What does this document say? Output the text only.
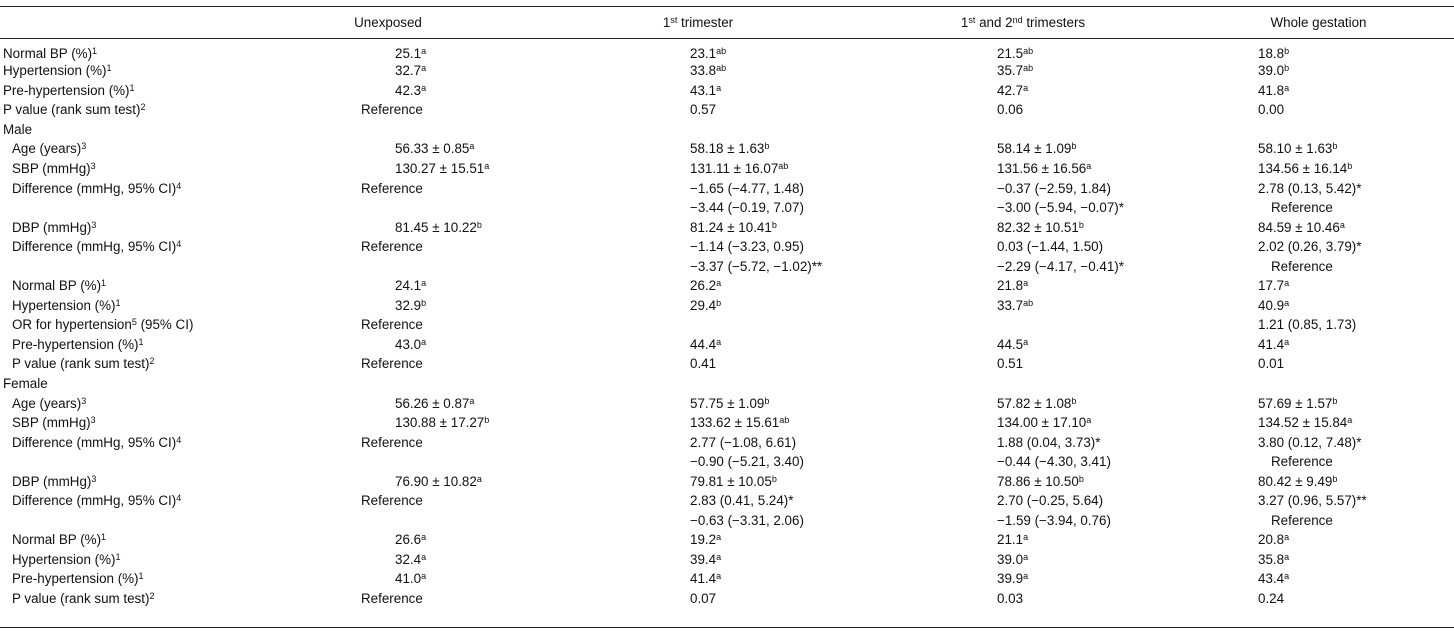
	Unexposed	1st trimester	1st and 2nd trimesters	Whole gestation
Normal BP (%)$^1$	25.1$^a$	23.1$^{ab}$	21.5$^{ab}$	18.8$^b$
Hypertension (%)$^1$	32.7$^a$	33.8$^{ab}$	35.7$^{ab}$	39.0$^b$
Pre-hypertension (%)$^1$	42.3$^a$	43.1$^a$	42.7$^a$	41.8$^a$
P value (rank sum test)$^2$	Reference	0.57	0.06	0.00
Male				
Age (years)$^3$	56.33 ± 0.85$^a$	58.18 ± 1.63$^b$	58.14 ± 1.09$^b$	58.10 ± 1.63$^b$
SBP (mmHg)$^3$	130.27 ± 15.51$^a$	131.11 ± 16.07$^{ab}$	131.56 ± 16.56$^a$	134.56 ± 16.14$^b$
Difference (mmHg, 95% CI)$^4$	Reference	−1.65 (−4.77, 1.48)	−0.37 (−2.59, 1.84)	2.78 (0.13, 5.42)*
		−3.44 (−0.19, 7.07)	−3.00 (−5.94, −0.07)*	Reference
DBP (mmHg)$^3$	81.45 ± 10.22$^b$	81.24 ± 10.41$^b$	82.32 ± 10.51$^b$	84.59 ± 10.46$^a$
Difference (mmHg, 95% CI)$^4$	Reference	−1.14 (−3.23, 0.95)	0.03 (−1.44, 1.50)	2.02 (0.26, 3.79)*
		−3.37 (−5.72, −1.02)**	−2.29 (−4.17, −0.41)*	Reference
Normal BP (%)$^1$	24.1$^a$	26.2$^a$	21.8$^a$	17.7$^a$
Hypertension (%)$^1$	32.9$^b$	29.4$^b$	33.7$^{ab}$	40.9$^a$
OR for hypertension$^5$ (95% CI)	Reference			1.21 (0.85, 1.73)
Pre-hypertension (%)$^1$	43.0$^a$	44.4$^a$	44.5$^a$	41.4$^a$
P value (rank sum test)$^2$	Reference	0.41	0.51	0.01
Female				
Age (years)$^3$	56.26 ± 0.87$^a$	57.75 ± 1.09$^b$	57.82 ± 1.08$^b$	57.69 ± 1.57$^b$
SBP (mmHg)$^3$	130.88 ± 17.27$^b$	133.62 ± 15.61$^{ab}$	134.00 ± 17.10$^a$	134.52 ± 15.84$^a$
Difference (mmHg, 95% CI)$^4$	Reference	2.77 (−1.08, 6.61)	1.88 (0.04, 3.73)*	3.80 (0.12, 7.48)*
		−0.90 (−5.21, 3.40)	−0.44 (−4.30, 3.41)	Reference
DBP (mmHg)$^3$	76.90 ± 10.82$^a$	79.81 ± 10.05$^b$	78.86 ± 10.50$^b$	80.42 ± 9.49$^b$
Difference (mmHg, 95% CI)$^4$	Reference	2.83 (0.41, 5.24)*	2.70 (−0.25, 5.64)	3.27 (0.96, 5.57)**
		−0.63 (−3.31, 2.06)	−1.59 (−3.94, 0.76)	Reference
Normal BP (%)$^1$	26.6$^a$	19.2$^a$	21.1$^a$	20.8$^a$
Hypertension (%)$^1$	32.4$^a$	39.4$^a$	39.0$^a$	35.8$^a$
Pre-hypertension (%)$^1$	41.0$^a$	41.4$^a$	39.9$^a$	43.4$^a$
P value (rank sum test)$^2$	Reference	0.07	0.03	0.24
